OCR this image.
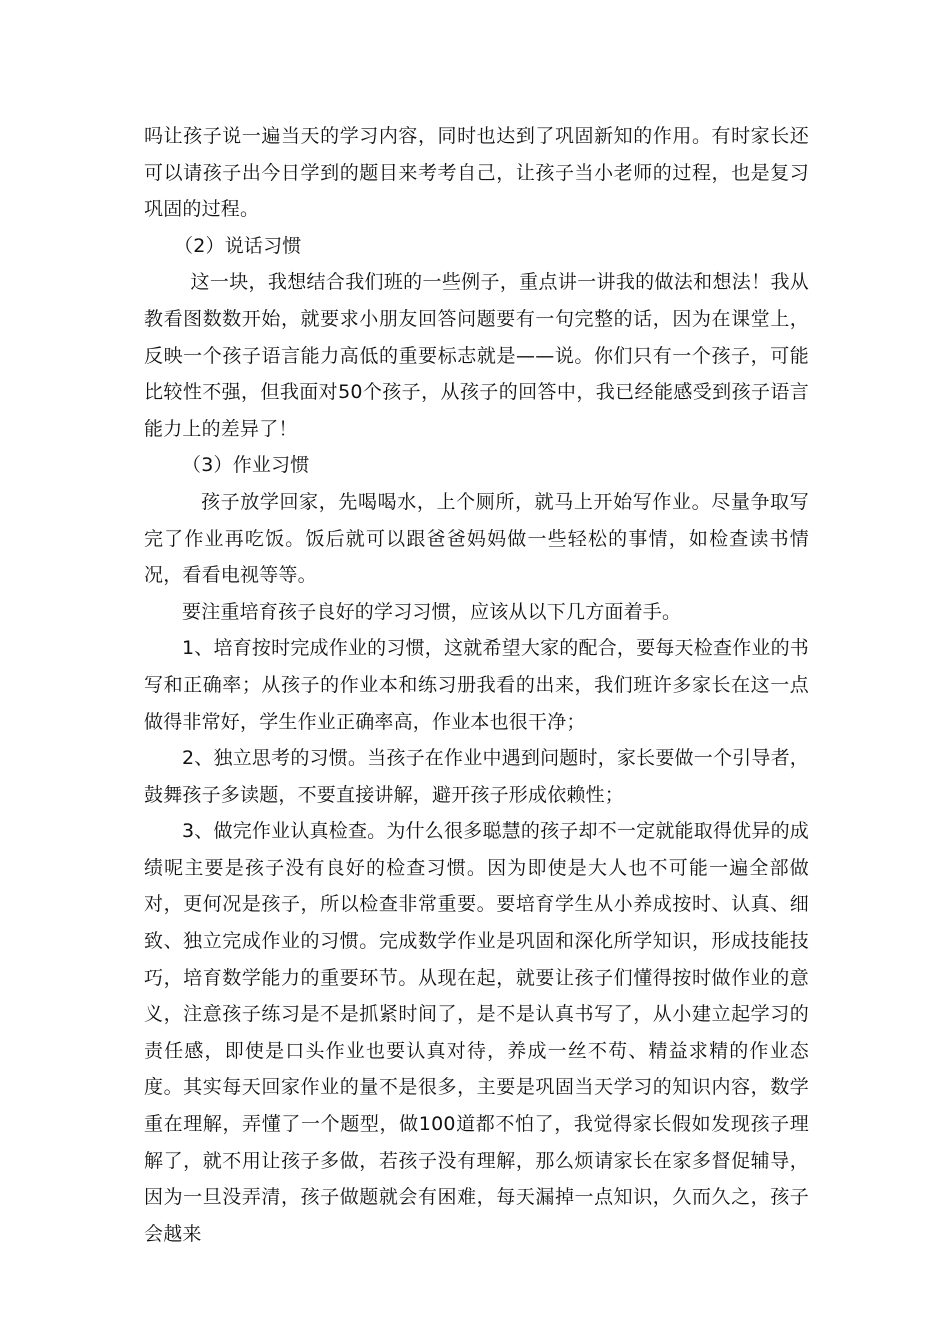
吗让孩子说一遍当天的学习内容，同时也达到了巩固新知的作用。有时家长还可以请孩子出今日学到的题目来考考自己，让孩子当小老师的过程，也是复习巩固的过程。

（2）说话习惯

这一块，我想结合我们班的一些例子，重点讲一讲我的做法和想法！我从教看图数数开始，就要求小朋友回答问题要有一句完整的话，因为在课堂上，反映一个孩子语言能力高低的重要标志就是——说。你们只有一个孩子，可能比较性不强，但我面对50个孩子，从孩子的回答中，我已经能感受到孩子语言能力上的差异了！

（3）作业习惯

孩子放学回家，先喝喝水，上个厕所，就马上开始写作业。尽量争取写完了作业再吃饭。饭后就可以跟爸爸妈妈做一些轻松的事情，如检查读书情况，看看电视等等。

要注重培育孩子良好的学习习惯，应该从以下几方面着手。

1、培育按时完成作业的习惯，这就希望大家的配合，要每天检查作业的书写和正确率；从孩子的作业本和练习册我看的出来，我们班许多家长在这一点做得非常好，学生作业正确率高，作业本也很干净；

2、独立思考的习惯。当孩子在作业中遇到问题时，家长要做一个引导者，鼓舞孩子多读题，不要直接讲解，避开孩子形成依赖性；

3、做完作业认真检查。为什么很多聪慧的孩子却不一定就能取得优异的成绩呢主要是孩子没有良好的检查习惯。因为即使是大人也不可能一遍全部做对，更何况是孩子，所以检查非常重要。要培育学生从小养成按时、认真、细致、独立完成作业的习惯。完成数学作业是巩固和深化所学知识，形成技能技巧，培育数学能力的重要环节。从现在起，就要让孩子们懂得按时做作业的意义，注意孩子练习是不是抓紧时间了，是不是认真书写了，从小建立起学习的责任感，即使是口头作业也要认真对待，养成一丝不苟、精益求精的作业态度。其实每天回家作业的量不是很多，主要是巩固当天学习的知识内容，数学重在理解，弄懂了一个题型，做100道都不怕了，我觉得家长假如发现孩子理解了，就不用让孩子多做，若孩子没有理解，那么烦请家长在家多督促辅导，因为一旦没弄清，孩子做题就会有困难，每天漏掉一点知识，久而久之，孩子会越来
